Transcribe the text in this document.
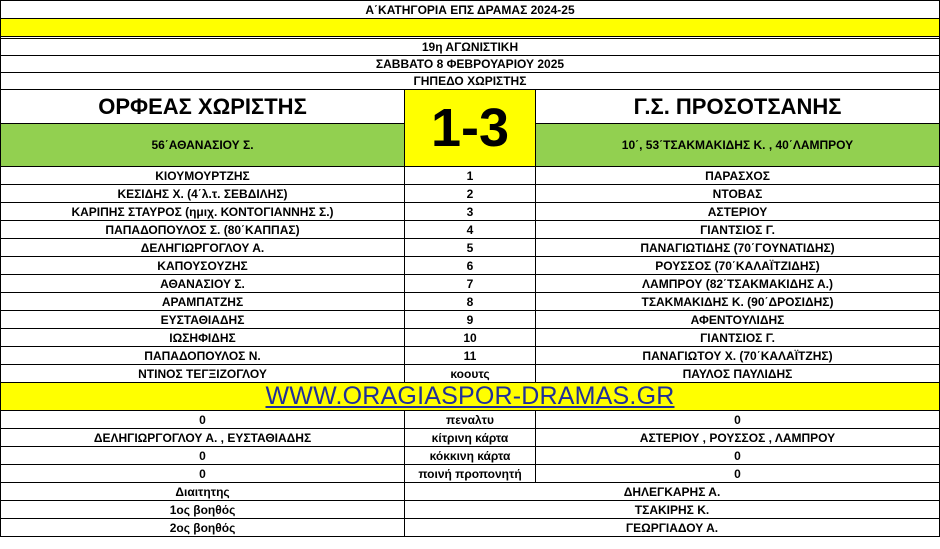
Α΄ΚΑΤΗΓΟΡΙΑ ΕΠΣ ΔΡΑΜΑΣ 2024-25
19η ΑΓΩΝΙΣΤΙΚΗ
ΣΑΒΒΑΤΟ 8 ΦΕΒΡΟΥΑΡΙΟΥ 2025
ΓΗΠΕΔΟ ΧΩΡΙΣΤΗΣ
ΟΡΦΕΑΣ ΧΩΡΙΣΤΗΣ	1-3	Γ.Σ. ΠΡΟΣΟΤΣΑΝΗΣ
56΄ΑΘΑΝΑΣΙΟΥ Σ.	10΄, 53΄ΤΣΑΚΜΑΚΙΔΗΣ Κ. , 40΄ΛΑΜΠΡΟΥ
ΚΙΟΥΜΟΥΡΤΖΗΣ	1	ΠΑΡΑΣΧΟΣ
ΚΕΣΙΔΗΣ Χ. (4΄λ.τ. ΣΕΒΔΙΛΗΣ)	2	ΝΤΟΒΑΣ
ΚΑΡΙΠΗΣ ΣΤΑΥΡΟΣ (ημιχ. ΚΟΝΤΟΓΙΑΝΝΗΣ Σ.)	3	ΑΣΤΕΡΙΟΥ
ΠΑΠΑΔΟΠΟΥΛΟΣ Σ. (80΄ΚΑΠΠΑΣ)	4	ΓΙΑΝΤΣΙΟΣ Γ.
ΔΕΛΗΓΙΩΡΓΟΓΛΟΥ Α.	5	ΠΑΝΑΓΙΩΤΙΔΗΣ (70΄ΓΟΥΝΑΤΙΔΗΣ)
ΚΑΠΟΥΣΟΥΖΗΣ	6	ΡΟΥΣΣΟΣ (70΄ΚΑΛΑΪΤΖΙΔΗΣ)
ΑΘΑΝΑΣΙΟΥ Σ.	7	ΛΑΜΠΡΟΥ (82΄ΤΣΑΚΜΑΚΙΔΗΣ Α.)
ΑΡΑΜΠΑΤΖΗΣ	8	ΤΣΑΚΜΑΚΙΔΗΣ Κ. (90΄ΔΡΟΣΙΔΗΣ)
ΕΥΣΤΑΘΙΑΔΗΣ	9	ΑΦΕΝΤΟΥΛΙΔΗΣ
ΙΩΣΗΦΙΔΗΣ	10	ΓΙΑΝΤΣΙΟΣ Γ.
ΠΑΠΑΔΟΠΟΥΛΟΣ Ν.	11	ΠΑΝΑΓΙΩΤΟΥ Χ. (70΄ΚΑΛΑΪΤΖΗΣ)
ΝΤΙΝΟΣ ΤΕΓΞΙΖΟΓΛΟΥ	κοουτς	ΠΑΥΛΟΣ ΠΑΥΛΙΔΗΣ
WWW.ORAGIASPOR-DRAMAS.GR
0	πεναλτυ	0
ΔΕΛΗΓΙΩΡΓΟΓΛΟΥ Α. , ΕΥΣΤΑΘΙΑΔΗΣ	κίτρινη κάρτα	ΑΣΤΕΡΙΟΥ , ΡΟΥΣΣΟΣ , ΛΑΜΠΡΟΥ
0	κόκκινη κάρτα	0
0	ποινή προπονητή	0
Διαιτητης	ΔΗΛΕΓΚΑΡΗΣ Α.
1ος βοηθός	ΤΣΑΚΙΡΗΣ Κ.
2ος βοηθός	ΓΕΩΡΓΙΑΔΟΥ Α.
